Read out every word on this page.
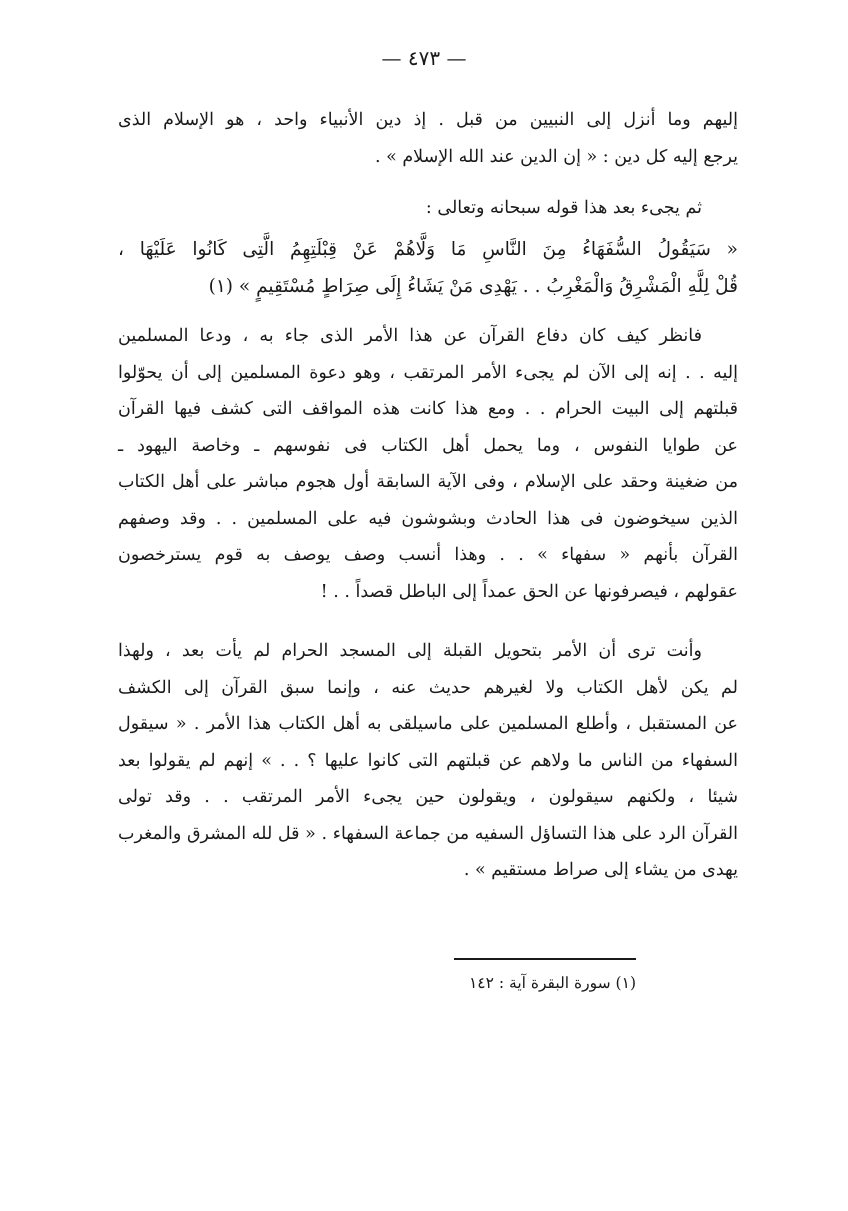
— ٤٧٣ —
إليهم وما أنزل إلى النبيين من قبل . إذ دين الأنبياء واحد ، هو الإسلام الذى
يرجع إليه كل دين : « إن الدين عند الله الإسلام » .
ثم يجىء بعد هذا قوله سبحانه وتعالى :
« سَيَقُولُ السُّفَهَاءُ مِنَ النَّاسِ مَا وَلَّاهُمْ عَنْ قِبْلَتِهِمُ الَّتِى كَانُوا عَلَيْهَا ،
قُلْ لِلَّهِ الْمَشْرِقُ وَالْمَغْرِبُ . . يَهْدِى مَنْ يَشَاءُ إِلَى صِرَاطٍ مُسْتَقِيمٍ » (١)
فانظر كيف كان دفاع القرآن عن هذا الأمر الذى جاء به ، ودعا المسلمين
إليه . . إنه إلى الآن لم يجىء الأمر المرتقب ، وهو دعوة المسلمين إلى أن يحوّلوا
قبلتهم إلى البيت الحرام . . ومع هذا كانت هذه المواقف التى كشف فيها القرآن
عن طوايا النفوس ، وما يحمل أهل الكتاب فى نفوسهم ـ وخاصة اليهود ـ
من ضغينة وحقد على الإسلام ، وفى الآية السابقة أول هجوم مباشر على أهل الكتاب
الذين سيخوضون فى هذا الحادث وبشوشون فيه على المسلمين . . وقد وصفهم
القرآن بأنهم « سفهاء » . . وهذا أنسب وصف يوصف به قوم يسترخصون
عقولهم ، فيصرفونها عن الحق عمداً إلى الباطل قصداً . . !
وأنت ترى أن الأمر بتحويل القبلة إلى المسجد الحرام لم يأت بعد ، ولهذا
لم يكن لأهل الكتاب ولا لغيرهم حديث عنه ، وإنما سبق القرآن إلى الكشف
عن المستقبل ، وأطلع المسلمين على ماسيلقى به أهل الكتاب هذا الأمر . « سيقول
السفهاء من الناس ما ولاهم عن قبلتهم التى كانوا عليها ؟ . . » إنهم لم يقولوا بعد
شيئا ، ولكنهم سيقولون ، ويقولون حين يجىء الأمر المرتقب . . وقد تولى
القرآن الرد على هذا التساؤل السفيه من جماعة السفهاء . « قل لله المشرق والمغرب
يهدى من يشاء إلى صراط مستقيم » .
(١) سورة البقرة آية : ١٤٢
